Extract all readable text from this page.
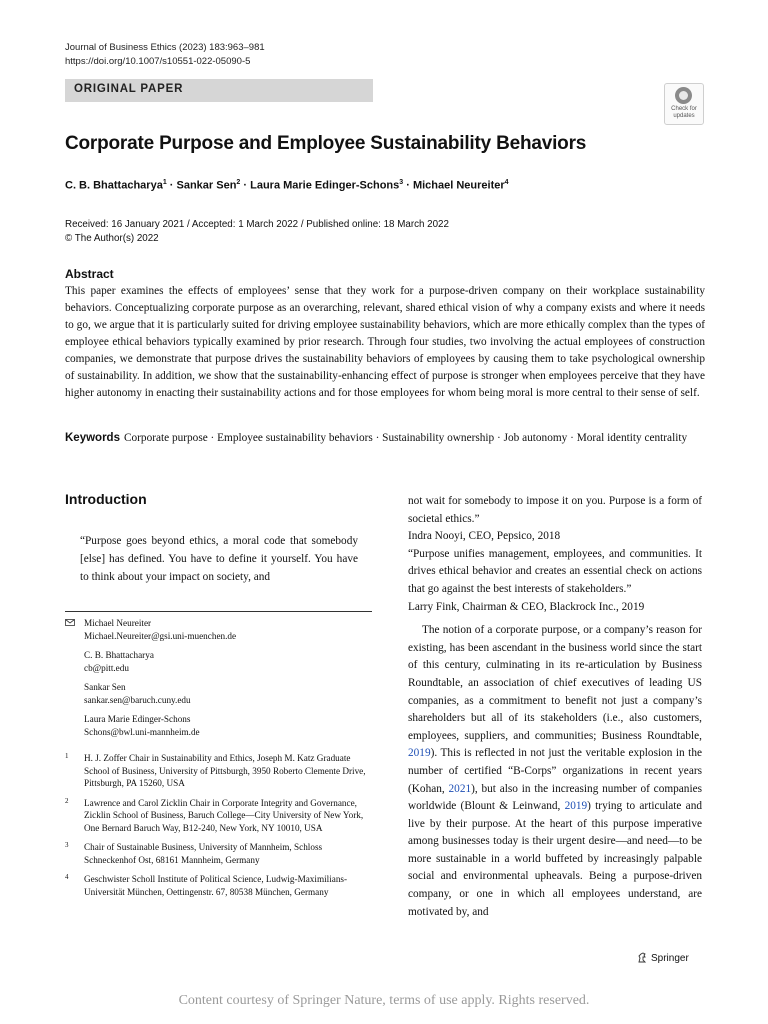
Journal of Business Ethics (2023) 183:963–981
https://doi.org/10.1007/s10551-022-05090-5
ORIGINAL PAPER
Check for updates
Corporate Purpose and Employee Sustainability Behaviors
C. B. Bhattacharya$^1$ · Sankar Sen$^2$ · Laura Marie Edinger-Schons$^3$ · Michael Neureiter$^4$
Received: 16 January 2021 / Accepted: 1 March 2022 / Published online: 18 March 2022
© The Author(s) 2022
Abstract
This paper examines the effects of employees’ sense that they work for a purpose-driven company on their workplace sustainability behaviors. Conceptualizing corporate purpose as an overarching, relevant, shared ethical vision of why a company exists and where it needs to go, we argue that it is particularly suited for driving employee sustainability behaviors, which are more ethically complex than the types of employee ethical behaviors typically examined by prior research. Through four studies, two involving the actual employees of construction companies, we demonstrate that purpose drives the sustainability behaviors of employees by causing them to take psychological ownership of sustainability. In addition, we show that the sustainability-enhancing effect of purpose is stronger when employees perceive that they have higher autonomy in enacting their sustainability actions and for those employees for whom being moral is more central to their sense of self.
Keywords Corporate purpose · Employee sustainability behaviors · Sustainability ownership · Job autonomy · Moral identity centrality
Introduction
“Purpose goes beyond ethics, a moral code that somebody [else] has defined. You have to define it yourself. You have to think about your impact on society, and
Michael Neureiter
Michael.Neureiter@gsi.uni-muenchen.de
C. B. Bhattacharya
cb@pitt.edu
Sankar Sen
sankar.sen@baruch.cuny.edu
Laura Marie Edinger-Schons
Schons@bwl.uni-mannheim.de
1 H. J. Zoffer Chair in Sustainability and Ethics, Joseph M. Katz Graduate School of Business, University of Pittsburgh, 3950 Roberto Clemente Drive, Pittsburgh, PA 15260, USA
2 Lawrence and Carol Zicklin Chair in Corporate Integrity and Governance, Zicklin School of Business, Baruch College—City University of New York, One Bernard Baruch Way, B12-240, New York, NY 10010, USA
3 Chair of Sustainable Business, University of Mannheim, Schloss Schneckenhof Ost, 68161 Mannheim, Germany
4 Geschwister Scholl Institute of Political Science, Ludwig-Maximilians-Universität München, Oettingenstr. 67, 80538 München, Germany
not wait for somebody to impose it on you. Purpose is a form of societal ethics.”
Indra Nooyi, CEO, Pepsico, 2018
“Purpose unifies management, employees, and communities. It drives ethical behavior and creates an essential check on actions that go against the best interests of stakeholders.”
Larry Fink, Chairman & CEO, Blackrock Inc., 2019
The notion of a corporate purpose, or a company’s reason for existing, has been ascendant in the business world since the start of this century, culminating in its re-articulation by Business Roundtable, an association of chief executives of leading US companies, as a commitment to benefit not just a company’s shareholders but all of its stakeholders (i.e., also customers, employees, suppliers, and communities; Business Roundtable, 2019). This is reflected in not just the veritable explosion in the number of certified “B-Corps” organizations in recent years (Kohan, 2021), but also in the increasing number of companies worldwide (Blount & Leinwand, 2019) trying to articulate and live by their purpose. At the heart of this purpose imperative among businesses today is their urgent desire—and need—to be more sustainable in a world buffeted by increasingly palpable social and environmental upheavals. Being a purpose-driven company, or one in which all employees understand, are motivated by, and
Springer
Content courtesy of Springer Nature, terms of use apply. Rights reserved.
